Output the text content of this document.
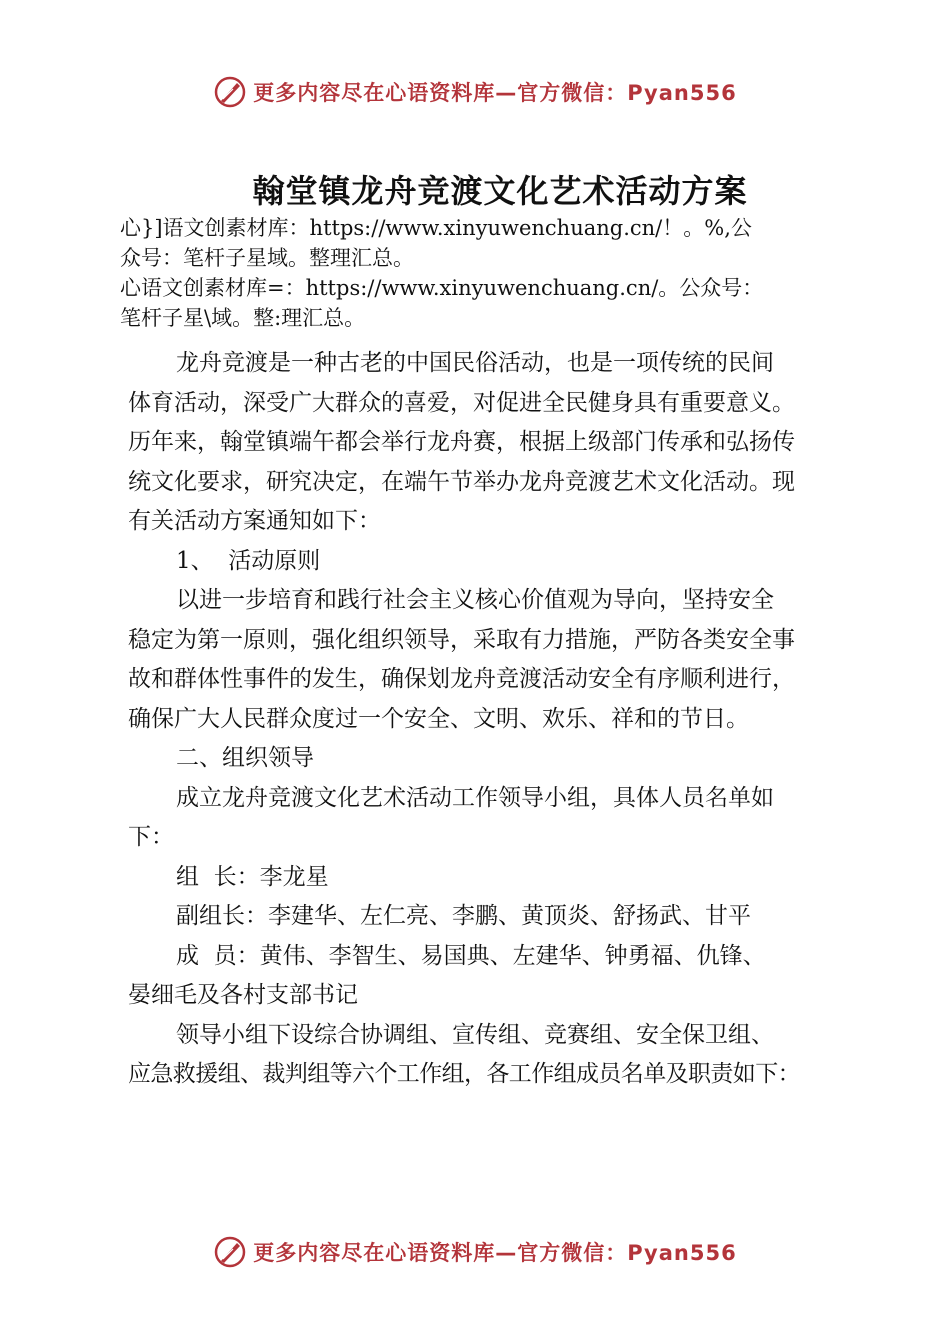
更多内容尽在心语资料库—官方微信：Pyan556
翰堂镇龙舟竞渡文化艺术活动方案
心}]语文创素材库：https://www.xinyuwenchuang.cn/！。%,公
众号：笔杆子星域。整理汇总。
心语文创素材库=：https://www.xinyuwenchuang.cn/。公众号：
笔杆子星\域。整:理汇总。

龙舟竞渡是一种古老的中国民俗活动，也是一项传统的民间
体育活动，深受广大群众的喜爱，对促进全民健身具有重要意义。
历年来，翰堂镇端午都会举行龙舟赛，根据上级部门传承和弘扬传
统文化要求，研究决定，在端午节举办龙舟竞渡艺术文化活动。现
有关活动方案通知如下：

1、  活动原则

以进一步培育和践行社会主义核心价值观为导向，坚持安全
稳定为第一原则，强化组织领导，采取有力措施，严防各类安全事
故和群体性事件的发生，确保划龙舟竞渡活动安全有序顺利进行，
确保广大人民群众度过一个安全、文明、欢乐、祥和的节日。

二、组织领导

成立龙舟竞渡文化艺术活动工作领导小组，具体人员名单如
下：

组  长：李龙星

副组长：李建华、左仁亮、李鹏、黄顶炎、舒扬武、甘平

成  员：黄伟、李智生、易国典、左建华、钟勇福、仇锋、
晏细毛及各村支部书记

领导小组下设综合协调组、宣传组、竞赛组、安全保卫组、
应急救援组、裁判组等六个工作组，各工作组成员名单及职责如下：

更多内容尽在心语资料库—官方微信：Pyan556
